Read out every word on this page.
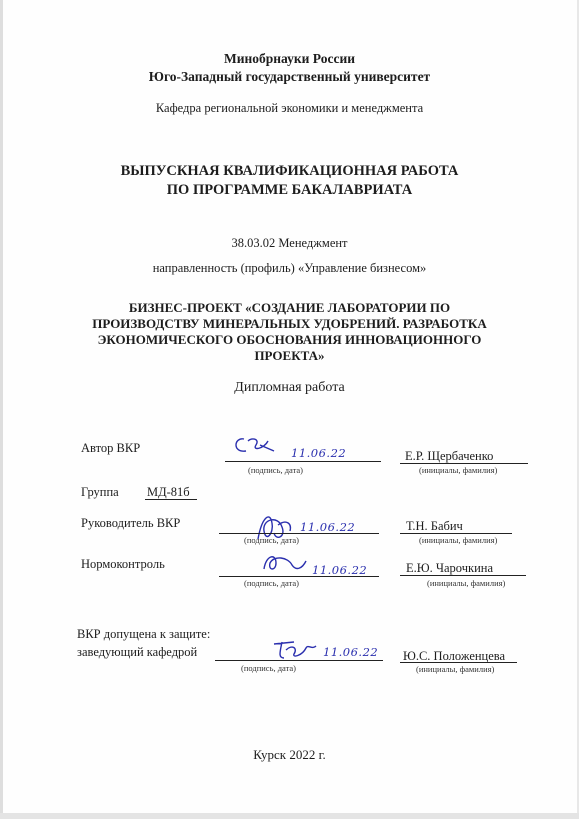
Минобрнауки России
Юго-Западный государственный университет
Кафедра региональной экономики и менеджмента
ВЫПУСКНАЯ КВАЛИФИКАЦИОННАЯ РАБОТА
ПО ПРОГРАММЕ БАКАЛАВРИАТА
38.03.02 Менеджмент
направленность (профиль) «Управление бизнесом»
БИЗНЕС-ПРОЕКТ «СОЗДАНИЕ ЛАБОРАТОРИИ ПО
ПРОИЗВОДСТВУ МИНЕРАЛЬНЫХ УДОБРЕНИЙ. РАЗРАБОТКА
ЭКОНОМИЧЕСКОГО ОБОСНОВАНИЯ ИННОВАЦИОННОГО
ПРОЕКТА»
Дипломная работа
Автор ВКР	11.06.22
(подпись, дата)
Е.Р. Щербаченко
(инициалы, фамилия)
Группа МД-81б
Руководитель ВКР	11.06.22
(подпись, дата)
Т.Н. Бабич
(инициалы, фамилия)
Нормоконтроль	11.06.22
(подпись, дата)
Е.Ю. Чарочкина
(инициалы, фамилия)
ВКР допущена к защите:
заведующий кафедрой	11.06.22
(подпись, дата)
Ю.С. Положенцева
(инициалы, фамилия)
Курск 2022 г.
